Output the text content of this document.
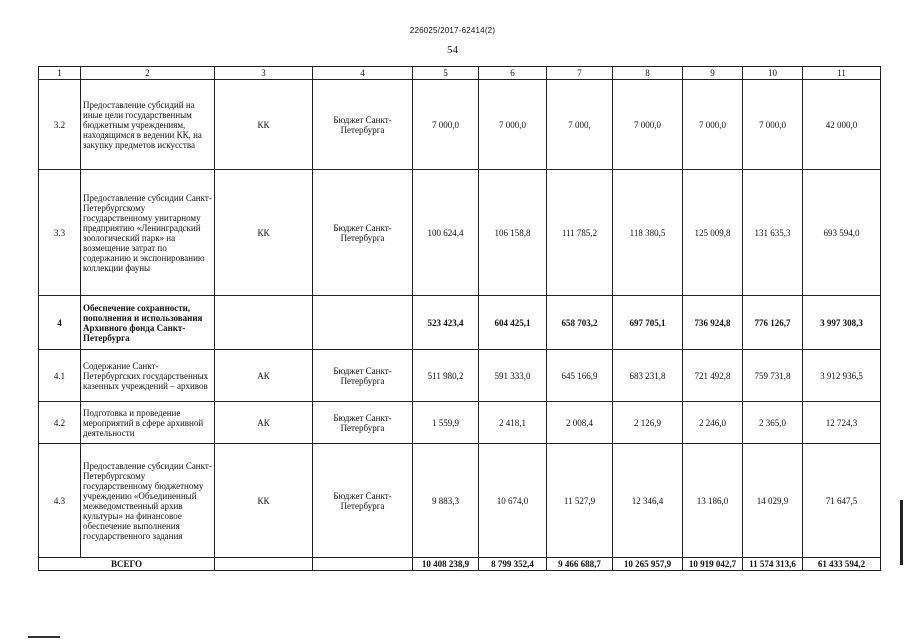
226025/2017-62414(2)
54
1	2	3	4	5	6	7	8	9	10	11
3.2	Предоставление субсидий на иные цели государственным бюджетным учреждениям, находящимся в ведении КК, на закупку предметов искусства	КК	Бюджет Санкт-Петербурга	7 000,0	7 000,0	7 000,	7 000,0	7 000,0	7 000,0	42 000,0
3.3	Предоставление субсидии Санкт-Петербургскому государственному унитарному предприятию «Ленинградский зоологический парк» на возмещение затрат по содержанию и экспонированию коллекции фауны	КК	Бюджет Санкт-Петербурга	100 624,4	106 158,8	111 785,2	118 380,5	125 009,8	131 635,3	693 594,0
4	Обеспечение сохранности, пополнения и использования Архивного фонда Санкт-Петербурга			523 423,4	604 425,1	658 703,2	697 705,1	736 924,8	776 126,7	3 997 308,3
4.1	Содержание Санкт-Петербургских государственных казенных учреждений – архивов	АК	Бюджет Санкт-Петербурга	511 980,2	591 333,0	645 166,9	683 231,8	721 492,8	759 731,8	3 912 936,5
4.2	Подготовка и проведение мероприятий в сфере архивной деятельности	АК	Бюджет Санкт-Петербурга	1 559,9	2 418,1	2 008,4	2 126,9	2 246,0	2 365,0	12 724,3
4.3	Предоставление субсидии Санкт-Петербургскому государственному бюджетному учреждению «Объединенный межведомственный архив культуры» на финансовое обеспечение выполнения государственного задания	КК	Бюджет Санкт-Петербурга	9 883,3	10 674,0	11 527,9	12 346,4	13 186,0	14 029,9	71 647,5
ВСЕГО				10 408 238,9	8 799 352,4	9 466 688,7	10 265 957,9	10 919 042,7	11 574 313,6	61 433 594,2
